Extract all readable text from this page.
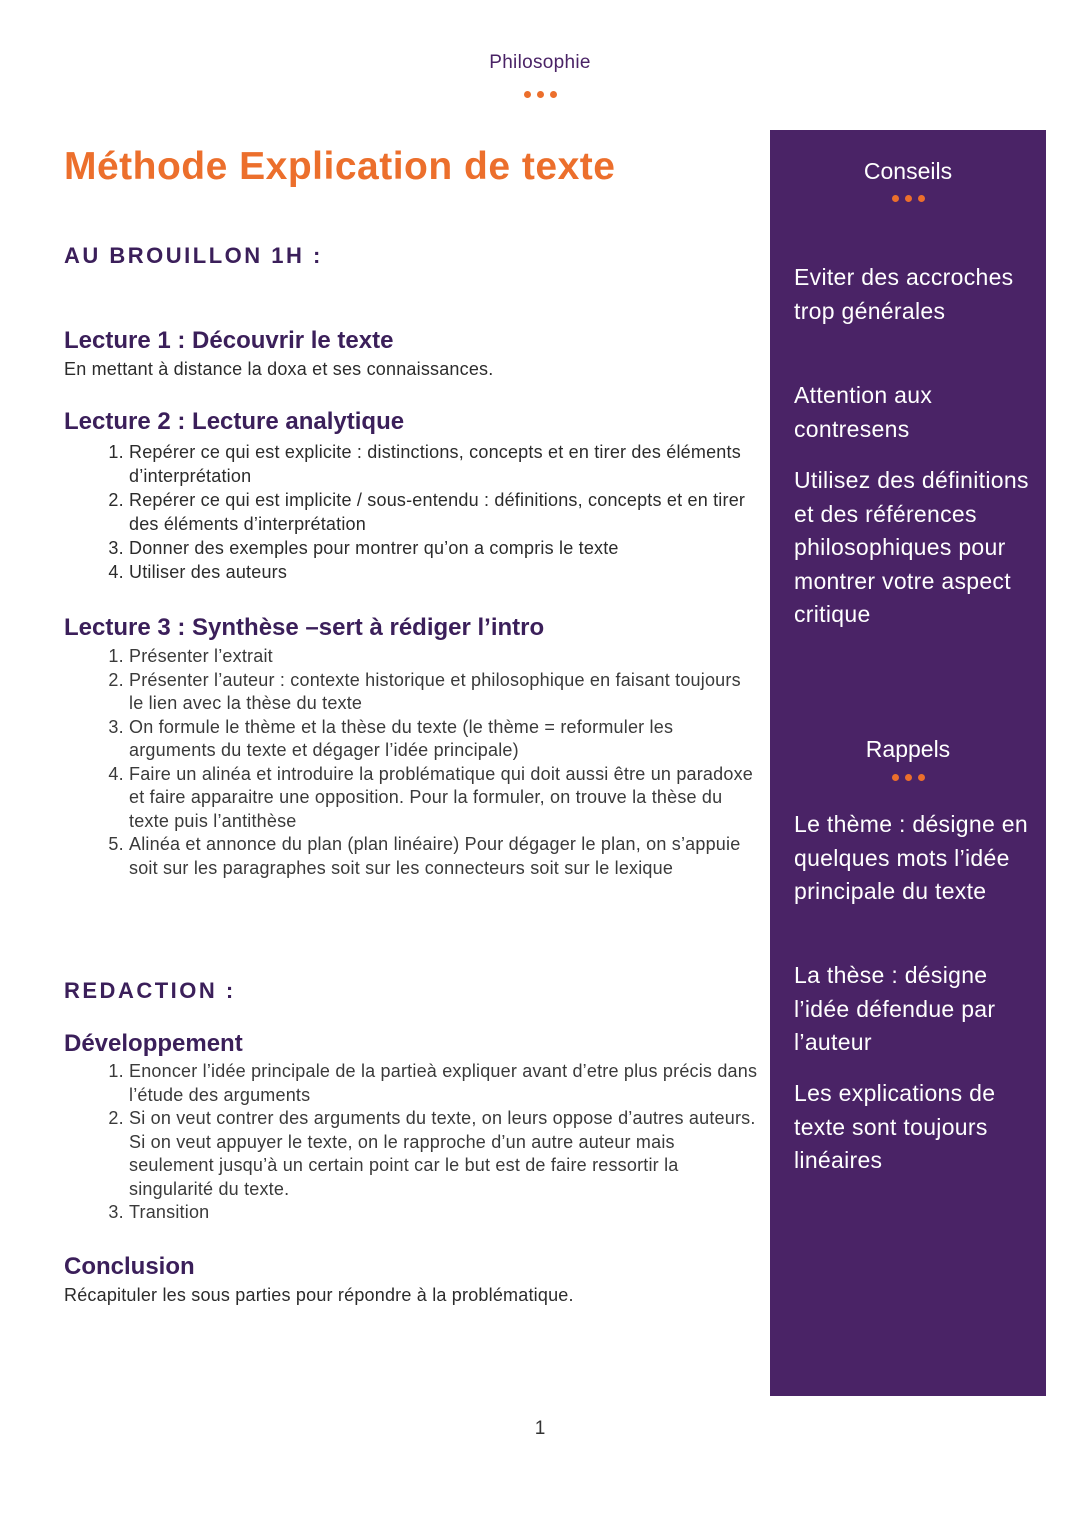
Philosophie
Méthode Explication de texte
AU BROUILLON 1H :
Lecture 1 : Découvrir le texte
En mettant à distance la doxa et ses connaissances.
Lecture 2 : Lecture analytique
1. Repérer ce qui est explicite : distinctions, concepts et en tirer des éléments d’interprétation
2. Repérer ce qui est implicite / sous-entendu : définitions, concepts et en tirer des éléments d’interprétation
3. Donner des exemples pour montrer qu’on a compris le texte
4. Utiliser des auteurs
Lecture 3 : Synthèse –sert à rédiger l’intro
1. Présenter l’extrait
2. Présenter l’auteur : contexte historique et philosophique en faisant toujours le lien avec la thèse du texte
3. On formule le thème et la thèse du texte (le thème = reformuler les arguments du texte et dégager l’idée principale)
4. Faire un alinéa et introduire la problématique qui doit aussi être un paradoxe et faire apparaitre une opposition. Pour la formuler, on trouve la thèse du texte puis l’antithèse
5. Alinéa et annonce du plan (plan linéaire) Pour dégager le plan, on s’appuie soit sur les paragraphes soit sur les connecteurs soit sur le lexique
REDACTION :
Développement
1. Enoncer l’idée principale de la partieà expliquer avant d’etre plus précis dans l’étude des arguments
2. Si on veut contrer des arguments du texte, on leurs oppose d’autres auteurs. Si on veut appuyer le texte, on le rapproche d’un autre auteur mais seulement jusqu’à un certain point car le but est de faire ressortir la singularité du texte.
3. Transition
Conclusion
Récapituler les sous parties pour répondre à la problématique.
Conseils
Eviter des accroches trop générales
Attention aux contresens
Utilisez des définitions et des références philosophiques pour montrer votre aspect critique
Rappels
Le thème : désigne en quelques mots l’idée principale du texte
La thèse : désigne l’idée défendue par l’auteur
Les explications de texte sont toujours linéaires
1
